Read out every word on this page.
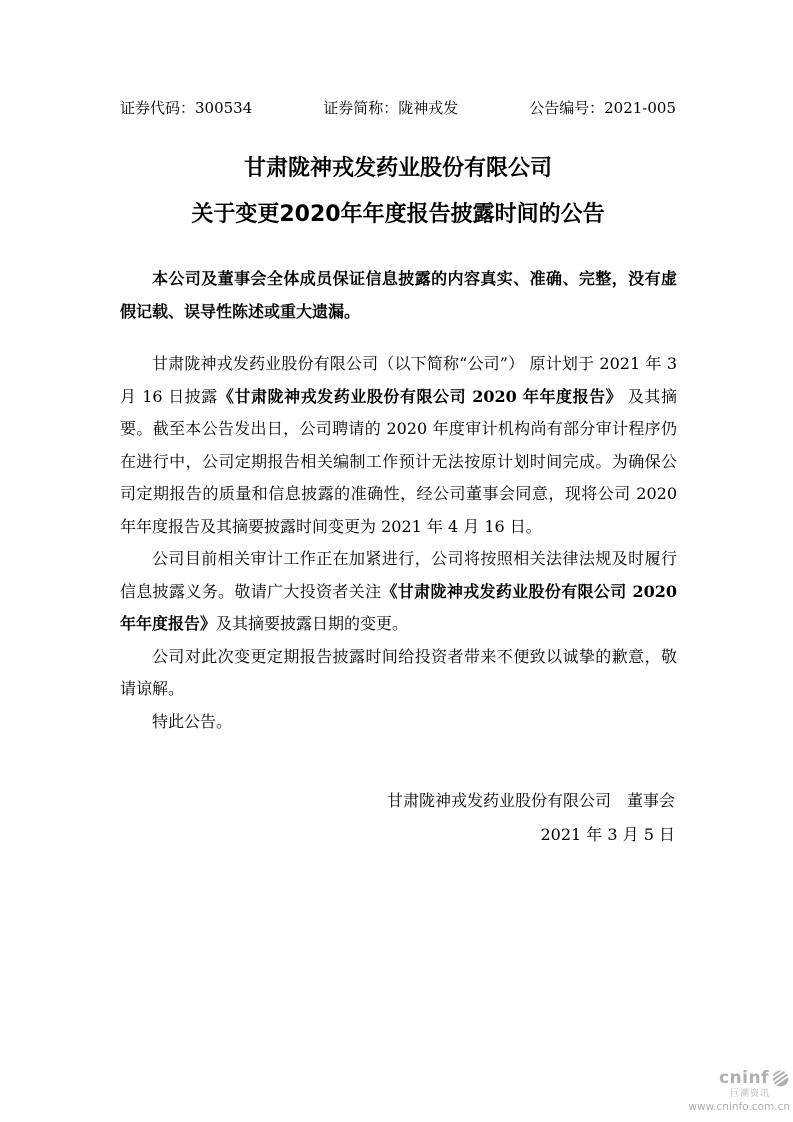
证券代码：300534	证券简称：陇神戎发	公告编号：2021-005
甘肃陇神戎发药业股份有限公司
关于变更2020年年度报告披露时间的公告

本公司及董事会全体成员保证信息披露的内容真实、准确、完整，没有虚假记载、误导性陈述或重大遗漏。

甘肃陇神戎发药业股份有限公司（以下简称“公司”） 原计划于 2021 年 3 月 16 日披露《甘肃陇神戎发药业股份有限公司 2020 年年度报告》 及其摘要。截至本公告发出日，公司聘请的 2020 年度审计机构尚有部分审计程序仍在进行中，公司定期报告相关编制工作预计无法按原计划时间完成。为确保公司定期报告的质量和信息披露的准确性，经公司董事会同意，现将公司 2020 年年度报告及其摘要披露时间变更为 2021 年 4 月 16 日。

公司目前相关审计工作正在加紧进行，公司将按照相关法律法规及时履行信息披露义务。敬请广大投资者关注《甘肃陇神戎发药业股份有限公司 2020 年年度报告》及其摘要披露日期的变更。

公司对此次变更定期报告披露时间给投资者带来不便致以诚挚的歉意，敬请谅解。

特此公告。

甘肃陇神戎发药业股份有限公司　董事会
2021 年 3 月 5 日
cninf
巨潮资讯
www.cninfo.com.cn
